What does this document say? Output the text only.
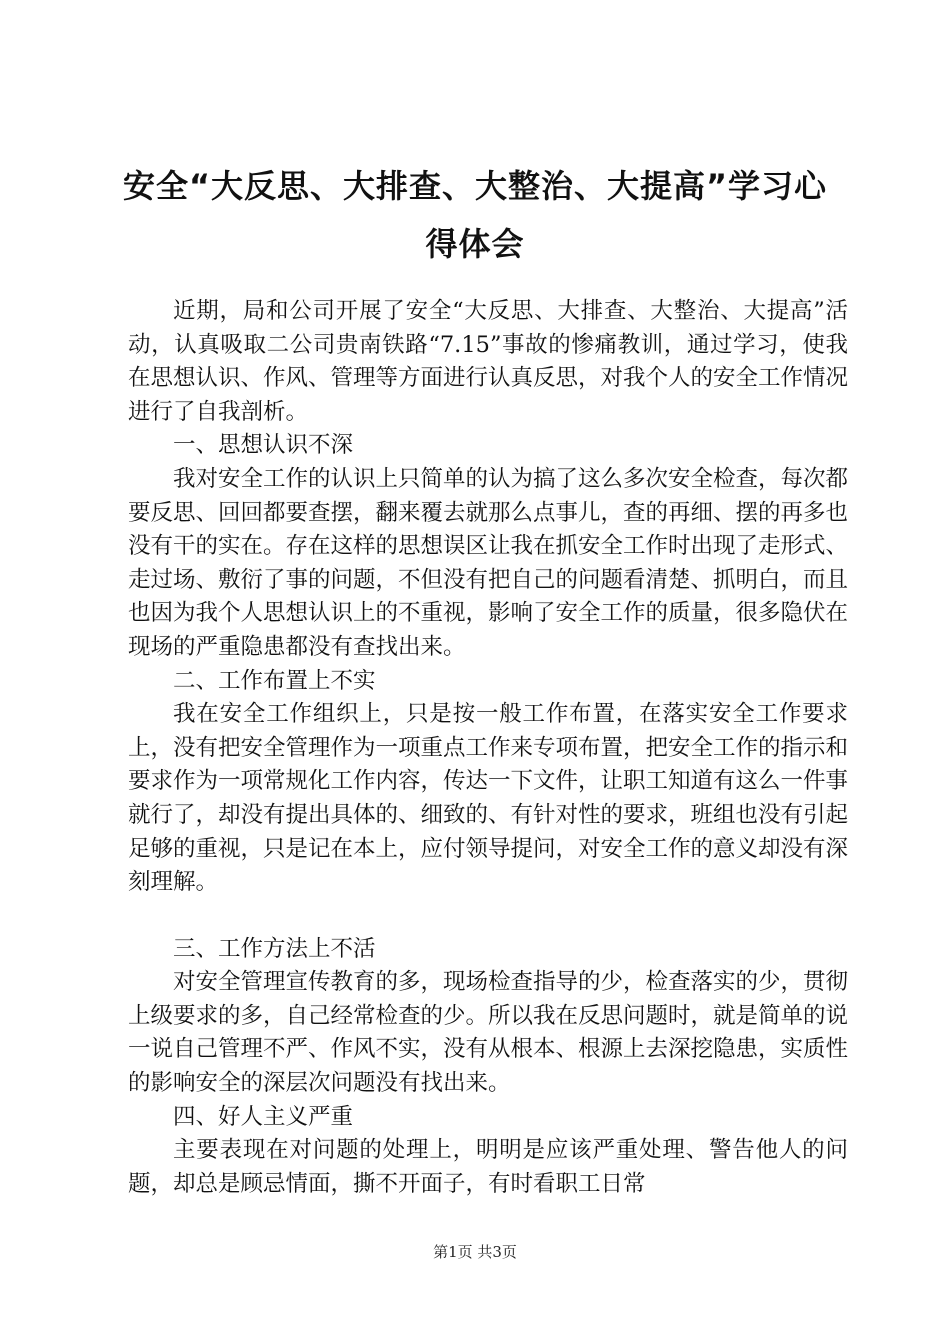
安全“大反思、大排查、大整治、大提高”学习心得体会

近期，局和公司开展了安全“大反思、大排查、大整治、大提高”活动，认真吸取二公司贵南铁路“7.15”事故的惨痛教训，通过学习，使我在思想认识、作风、管理等方面进行认真反思，对我个人的安全工作情况进行了自我剖析。

一、思想认识不深

我对安全工作的认识上只简单的认为搞了这么多次安全检查，每次都要反思、回回都要查摆，翻来覆去就那么点事儿，查的再细、摆的再多也没有干的实在。存在这样的思想误区让我在抓安全工作时出现了走形式、走过场、敷衍了事的问题，不但没有把自己的问题看清楚、抓明白，而且也因为我个人思想认识上的不重视，影响了安全工作的质量，很多隐伏在现场的严重隐患都没有查找出来。

二、工作布置上不实

我在安全工作组织上，只是按一般工作布置，在落实安全工作要求上，没有把安全管理作为一项重点工作来专项布置，把安全工作的指示和要求作为一项常规化工作内容，传达一下文件，让职工知道有这么一件事就行了，却没有提出具体的、细致的、有针对性的要求，班组也没有引起足够的重视，只是记在本上，应付领导提问，对安全工作的意义却没有深刻理解。

三、工作方法上不活

对安全管理宣传教育的多，现场检查指导的少，检查落实的少，贯彻上级要求的多，自己经常检查的少。所以我在反思问题时，就是简单的说一说自己管理不严、作风不实，没有从根本、根源上去深挖隐患，实质性的影响安全的深层次问题没有找出来。

四、好人主义严重

主要表现在对问题的处理上，明明是应该严重处理、警告他人的问题，却总是顾忌情面，撕不开面子，有时看职工日常

第1页 共3页
